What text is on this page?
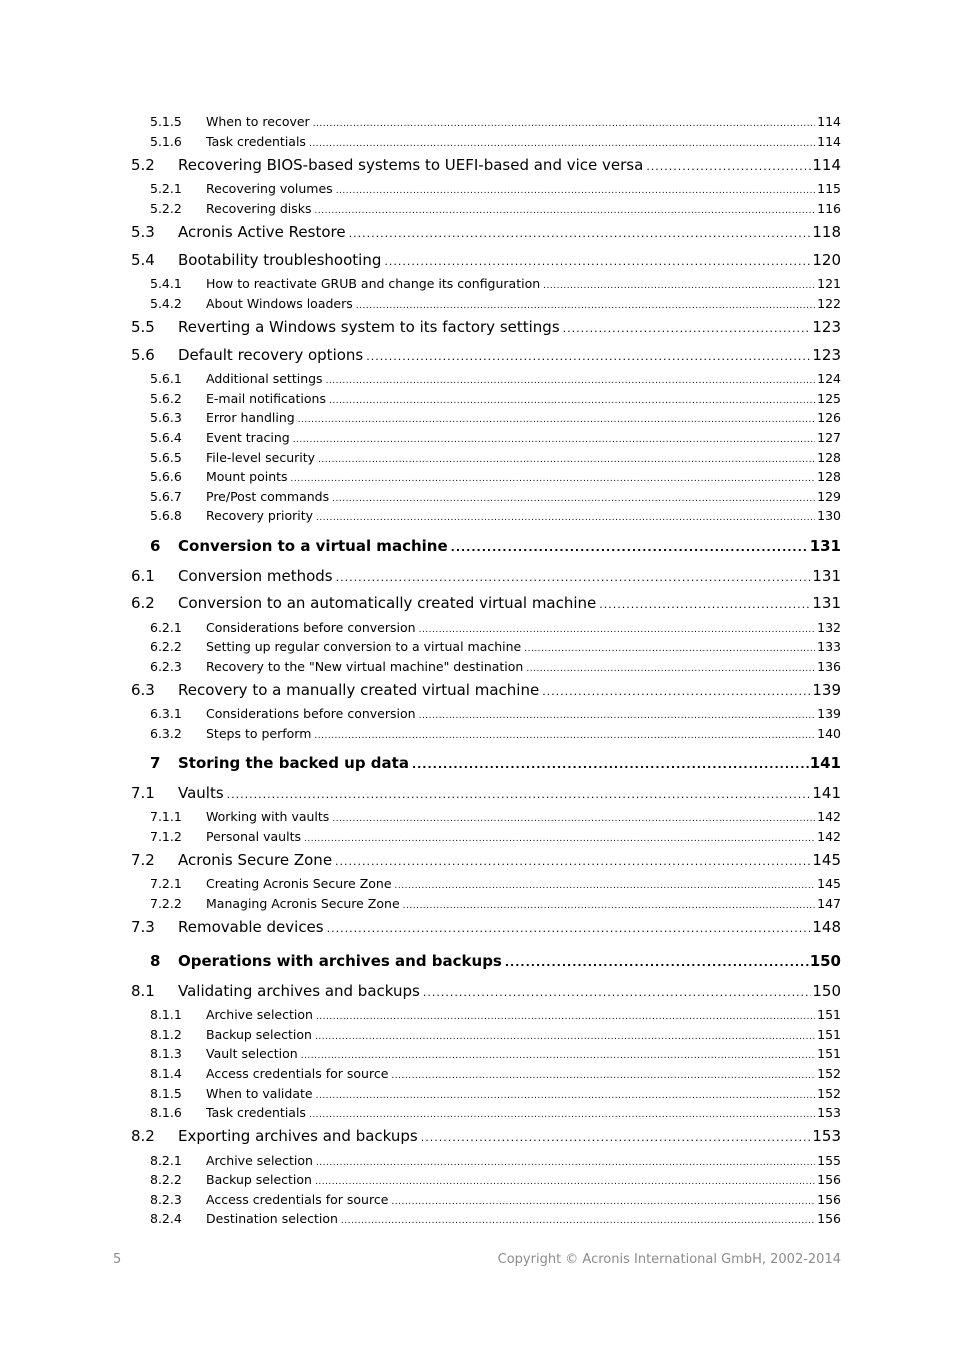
5.1.5 When to recover .....	114
5.1.6 Task credentials .....	114
5.2 Recovering BIOS-based systems to UEFI-based and vice versa .....	114
5.2.1 Recovering volumes .....	115
5.2.2 Recovering disks .....	116
5.3 Acronis Active Restore .....	118
5.4 Bootability troubleshooting .....	120
5.4.1 How to reactivate GRUB and change its configuration .....	121
5.4.2 About Windows loaders .....	122
5.5 Reverting a Windows system to its factory settings .....	123
5.6 Default recovery options .....	123
5.6.1 Additional settings .....	124
5.6.2 E-mail notifications .....	125
5.6.3 Error handling .....	126
5.6.4 Event tracing .....	127
5.6.5 File-level security .....	128
5.6.6 Mount points .....	128
5.6.7 Pre/Post commands .....	129
5.6.8 Recovery priority .....	130
6 Conversion to a virtual machine .....	131
6.1 Conversion methods .....	131
6.2 Conversion to an automatically created virtual machine .....	131
6.2.1 Considerations before conversion .....	132
6.2.2 Setting up regular conversion to a virtual machine .....	133
6.2.3 Recovery to the "New virtual machine" destination .....	136
6.3 Recovery to a manually created virtual machine .....	139
6.3.1 Considerations before conversion .....	139
6.3.2 Steps to perform .....	140
7 Storing the backed up data .....	141
7.1 Vaults .....	141
7.1.1 Working with vaults .....	142
7.1.2 Personal vaults .....	142
7.2 Acronis Secure Zone .....	145
7.2.1 Creating Acronis Secure Zone .....	145
7.2.2 Managing Acronis Secure Zone .....	147
7.3 Removable devices .....	148
8 Operations with archives and backups .....	150
8.1 Validating archives and backups .....	150
8.1.1 Archive selection .....	151
8.1.2 Backup selection .....	151
8.1.3 Vault selection .....	151
8.1.4 Access credentials for source .....	152
8.1.5 When to validate .....	152
8.1.6 Task credentials .....	153
8.2 Exporting archives and backups .....	153
8.2.1 Archive selection .....	155
8.2.2 Backup selection .....	156
8.2.3 Access credentials for source .....	156
8.2.4 Destination selection .....	156
5	Copyright © Acronis International GmbH, 2002-2014
